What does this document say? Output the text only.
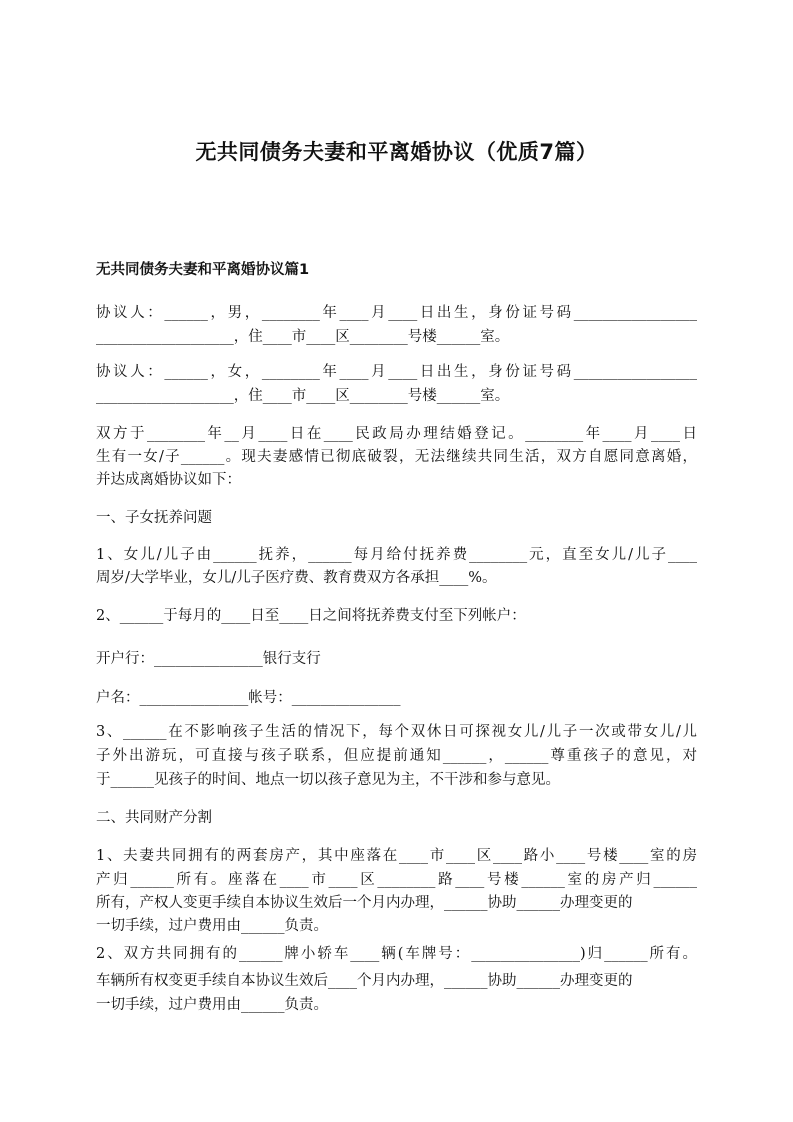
无共同债务夫妻和平离婚协议（优质7篇）
无共同债务夫妻和平离婚协议篇1
协议人：______，男，________年____月____日出生，身份证号码_________________
___________________，住____市____区________号楼______室。
协议人：______，女，________年____月____日出生，身份证号码_________________
___________________，住____市____区________号楼______室。
双方于________年__月____日在____民政局办理结婚登记。________年____月____日
生有一女/子______。现夫妻感情已彻底破裂，无法继续共同生活，双方自愿同意离婚，
并达成离婚协议如下：
一、子女抚养问题
1、女儿/儿子由______抚养，______每月给付抚养费________元，直至女儿/儿子____
周岁/大学毕业，女儿/儿子医疗费、教育费双方各承担____%。
2、______于每月的____日至____日之间将抚养费支付至下列帐户：
开户行：_______________银行支行
户名：_______________帐号：_______________
3、______在不影响孩子生活的情况下，每个双休日可探视女儿/儿子一次或带女儿/儿
子外出游玩，可直接与孩子联系，但应提前通知______，______尊重孩子的意见，对
于______见孩子的时间、地点一切以孩子意见为主，不干涉和参与意见。
二、共同财产分割
1、夫妻共同拥有的两套房产，其中座落在____市____区____路小____号楼____室的房
产归______所有。座落在____市____区________路____号楼______室的房产归______
所有，产权人变更手续自本协议生效后一个月内办理，______协助______办理变更的
一切手续，过户费用由______负责。
2、双方共同拥有的______牌小轿车____辆(车牌号：_______________)归______所有。
车辆所有权变更手续自本协议生效后____个月内办理，______协助______办理变更的
一切手续，过户费用由______负责。
